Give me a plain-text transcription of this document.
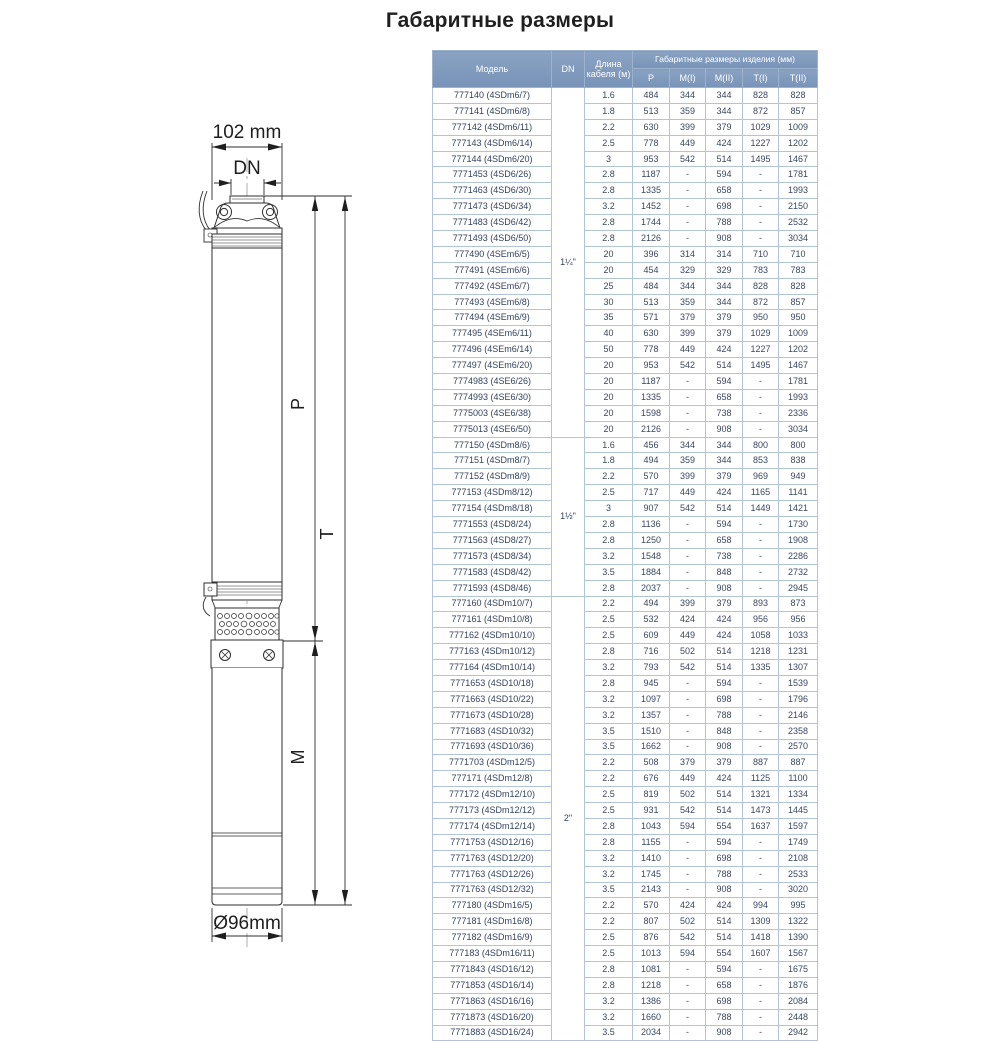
Габаритные размеры
102 mm
DN
P
T
M
Ø96mm
Модель	DN	Длина кабеля (м)	Габаритные размеры изделия (мм)				
			P	M(I)	M(II)	T(I)	T(II)
777140 (4SDm6/7)	1¼"	1.6	484	344	344	828	828
777141 (4SDm6/8)		1.8	513	359	344	872	857
777142 (4SDm6/11)		2.2	630	399	379	1029	1009
777143 (4SDm6/14)		2.5	778	449	424	1227	1202
777144 (4SDm6/20)		3	953	542	514	1495	1467
7771453 (4SD6/26)		2.8	1187	-	594	-	1781
7771463 (4SD6/30)		2.8	1335	-	658	-	1993
7771473 (4SD6/34)		3.2	1452	-	698	-	2150
7771483 (4SD6/42)		2.8	1744	-	788	-	2532
7771493 (4SD6/50)		2.8	2126	-	908	-	3034
777490 (4SEm6/5)		20	396	314	314	710	710
777491 (4SEm6/6)		20	454	329	329	783	783
777492 (4SEm6/7)		25	484	344	344	828	828
777493 (4SEm6/8)		30	513	359	344	872	857
777494 (4SEm6/9)		35	571	379	379	950	950
777495 (4SEm6/11)		40	630	399	379	1029	1009
777496 (4SEm6/14)		50	778	449	424	1227	1202
777497 (4SEm6/20)		20	953	542	514	1495	1467
7774983 (4SE6/26)		20	1187	-	594	-	1781
7774993 (4SE6/30)		20	1335	-	658	-	1993
7775003 (4SE6/38)		20	1598	-	738	-	2336
7775013 (4SE6/50)		20	2126	-	908	-	3034
777150 (4SDm8/6)	1½"	1.6	456	344	344	800	800
777151 (4SDm8/7)		1.8	494	359	344	853	838
777152 (4SDm8/9)		2.2	570	399	379	969	949
777153 (4SDm8/12)		2.5	717	449	424	1165	1141
777154 (4SDm8/18)		3	907	542	514	1449	1421
7771553 (4SD8/24)		2.8	1136	-	594	-	1730
7771563 (4SD8/27)		2.8	1250	-	658	-	1908
7771573 (4SD8/34)		3.2	1548	-	738	-	2286
7771583 (4SD8/42)		3.5	1884	-	848	-	2732
7771593 (4SD8/46)		2.8	2037	-	908	-	2945
777160 (4SDm10/7)	2"	2.2	494	399	379	893	873
777161 (4SDm10/8)		2.5	532	424	424	956	956
777162 (4SDm10/10)		2.5	609	449	424	1058	1033
777163 (4SDm10/12)		2.8	716	502	514	1218	1231
777164 (4SDm10/14)		3.2	793	542	514	1335	1307
7771653 (4SD10/18)		2.8	945	-	594	-	1539
7771663 (4SD10/22)		3.2	1097	-	698	-	1796
7771673 (4SD10/28)		3.2	1357	-	788	-	2146
7771683 (4SD10/32)		3.5	1510	-	848	-	2358
7771693 (4SD10/36)		3.5	1662	-	908	-	2570
7771703 (4SDm12/5)		2.2	508	379	379	887	887
777171 (4SDm12/8)		2.2	676	449	424	1125	1100
777172 (4SDm12/10)		2.5	819	502	514	1321	1334
777173 (4SDm12/12)		2.5	931	542	514	1473	1445
777174 (4SDm12/14)		2.8	1043	594	554	1637	1597
7771753 (4SD12/16)		2.8	1155	-	594	-	1749
7771763 (4SD12/20)		3.2	1410	-	698	-	2108
7771763 (4SD12/26)		3.2	1745	-	788	-	2533
7771763 (4SD12/32)		3.5	2143	-	908	-	3020
777180 (4SDm16/5)		2.2	570	424	424	994	995
777181 (4SDm16/8)		2.2	807	502	514	1309	1322
777182 (4SDm16/9)		2.5	876	542	514	1418	1390
777183 (4SDm16/11)		2.5	1013	594	554	1607	1567
7771843 (4SD16/12)		2.8	1081	-	594	-	1675
7771853 (4SD16/14)		2.8	1218	-	658	-	1876
7771863 (4SD16/16)		3.2	1386	-	698	-	2084
7771873 (4SD16/20)		3.2	1660	-	788	-	2448
7771883 (4SD16/24)		3.5	2034	-	908	-	2942
